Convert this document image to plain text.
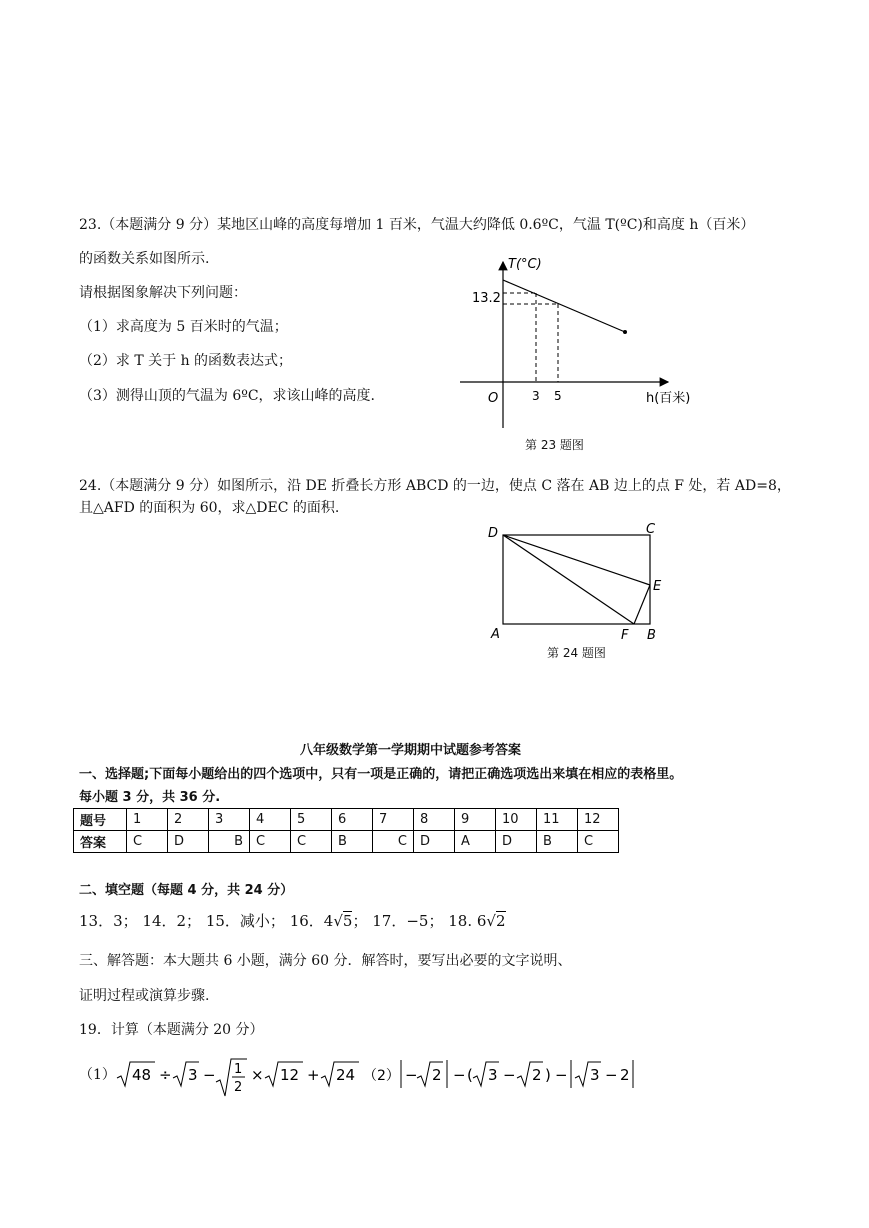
23.（本题满分 9 分）某地区山峰的高度每增加 1 百米，气温大约降低 0.6ºC，气温 T(ºC)和高度 h（百米）
的函数关系如图所示.
请根据图象解决下列问题：
（1）求高度为 5 百米时的气温；
（2）求 T 关于 h 的函数表达式；
（3）测得山顶的气温为 6ºC，求该山峰的高度.
T(°C)
13.2
O	3 5	h(百米)
第 23 题图
24.（本题满分 9 分）如图所示，沿 DE 折叠长方形 ABCD 的一边，使点 C 落在 AB 边上的点 F 处，若 AD=8，
且△AFD 的面积为 60，求△DEC 的面积.
D	C
E
A	F B
第 24 题图
八年级数学第一学期期中试题参考答案
一、选择题;下面每小题给出的四个选项中，只有一项是正确的，请把正确选项选出来填在相应的表格里。
每小题 3 分，共 36 分.
题号	1	2	3	4	5	6	7	8	9	10	11	12
答案	C	D	B	C	C	B	C	D	A	D	B	C
二、填空题（每题 4 分，共 24 分）
13．3； 14．2； 15．减小； 16．4√5； 17．−5； 18. 6√2
三、解答题：本大题共 6 小题，满分 60 分．解答时，要写出必要的文字说明、
证明过程或演算步骤.
19．计算（本题满分 20 分）
（1） 48 ÷ 3 − 1
2
× 12 + 24 （2） − 2 − ( 3 − 2 ) − 3 − 2
